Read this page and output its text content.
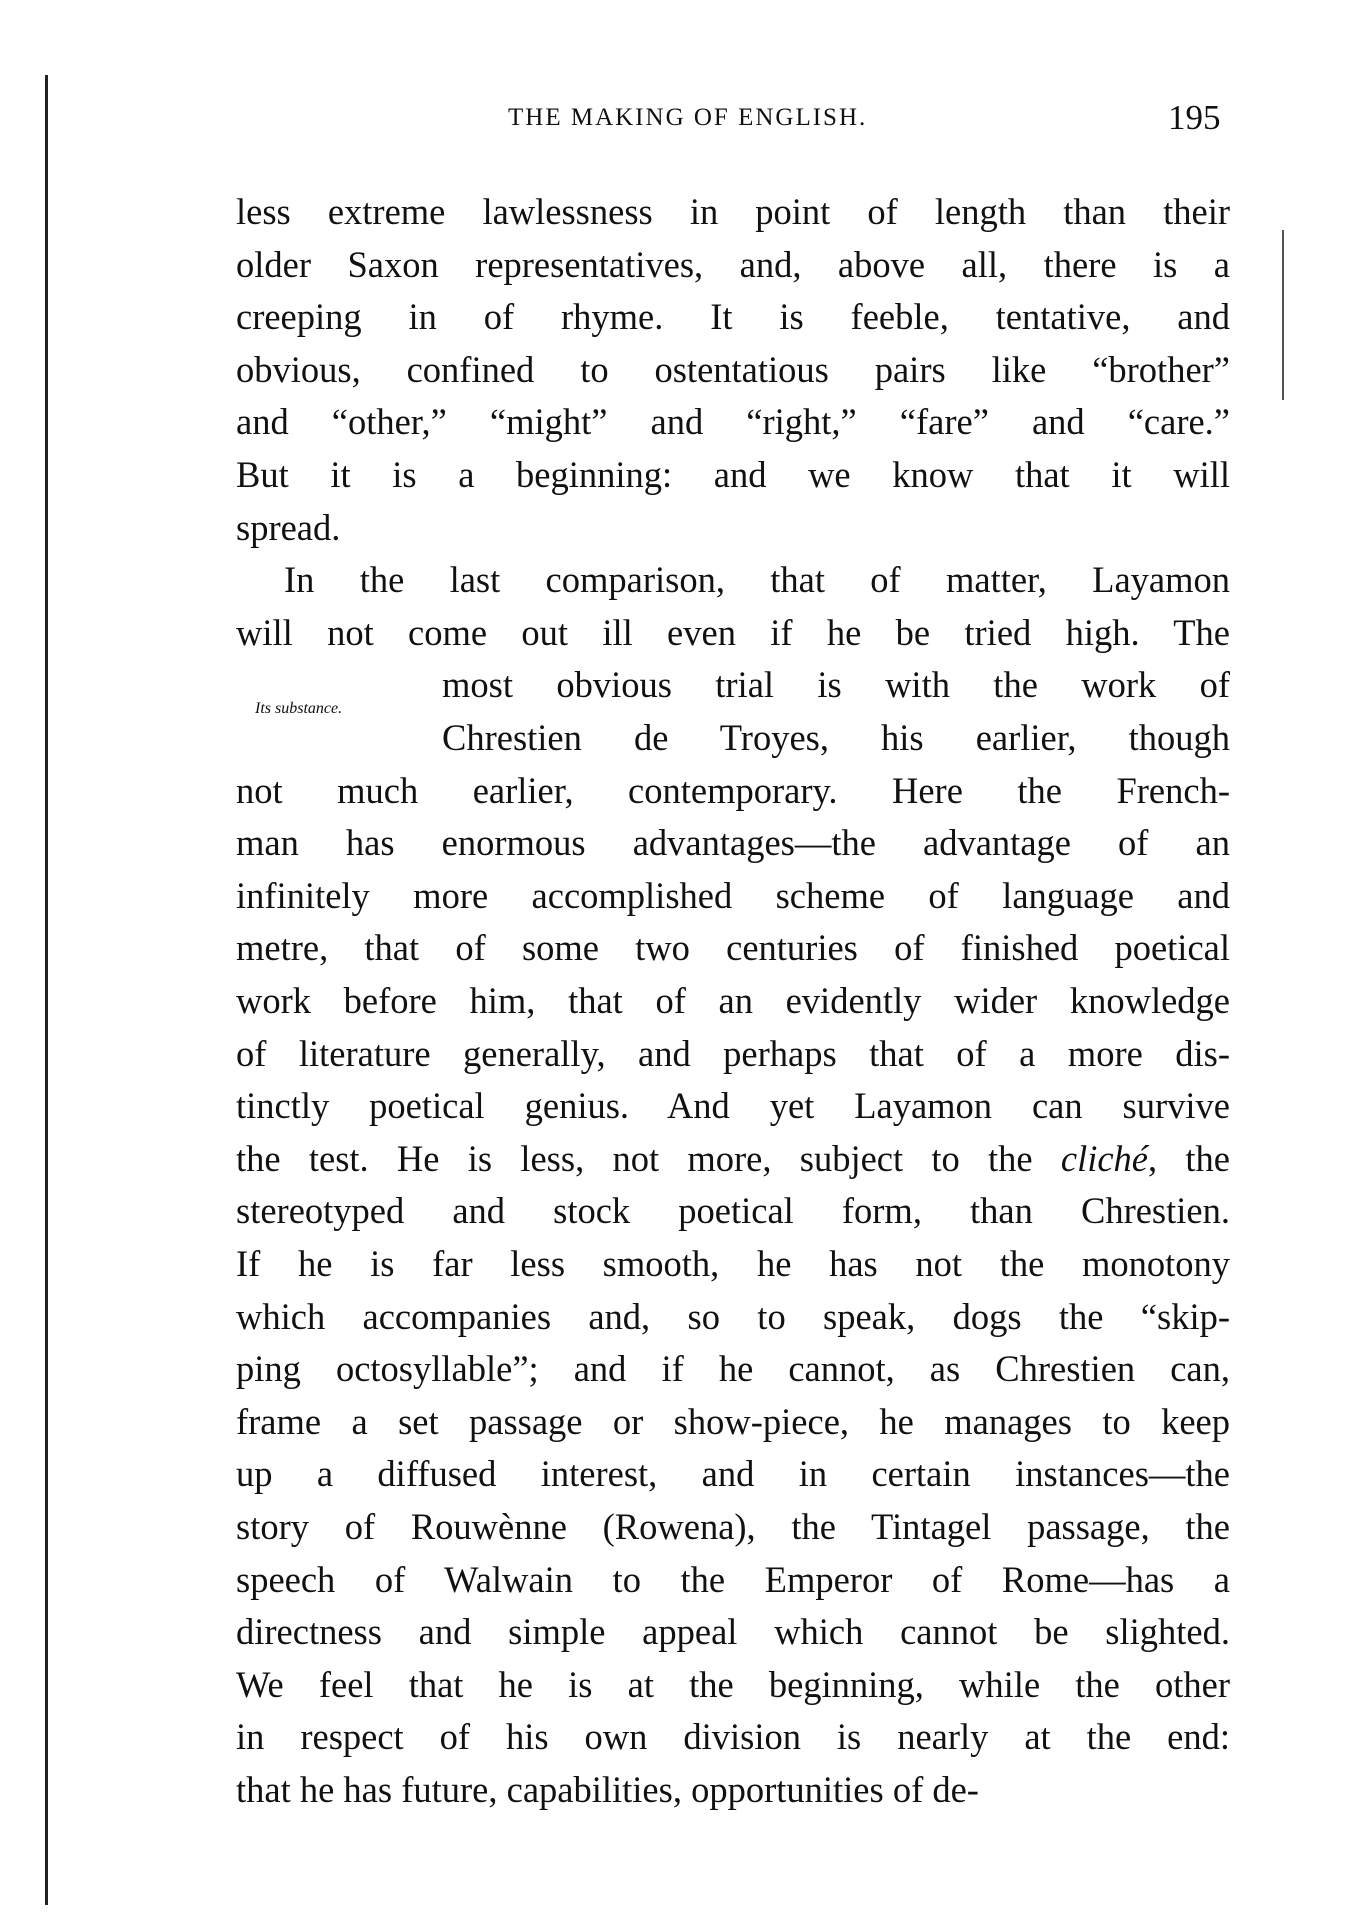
THE MAKING OF ENGLISH.	195
Its substance.
less extreme lawlessness in point of length than their
older Saxon representatives, and, above all, there is a
creeping in of rhyme. It is feeble, tentative, and
obvious, confined to ostentatious pairs like “brother”
and “other,” “might” and “right,” “fare” and “care.”
But it is a beginning: and we know that it will
spread.
In the last comparison, that of matter, Layamon
will not come out ill even if he be tried high. The
most obvious trial is with the work of
Chrestien de Troyes, his earlier, though
not much earlier, contemporary. Here the French-
man has enormous advantages—the advantage of an
infinitely more accomplished scheme of language and
metre, that of some two centuries of finished poetical
work before him, that of an evidently wider knowledge
of literature generally, and perhaps that of a more dis-
tinctly poetical genius. And yet Layamon can survive
the test. He is less, not more, subject to the cliché, the
stereotyped and stock poetical form, than Chrestien.
If he is far less smooth, he has not the monotony
which accompanies and, so to speak, dogs the “skip-
ping octosyllable”; and if he cannot, as Chrestien can,
frame a set passage or show-piece, he manages to keep
up a diffused interest, and in certain instances—the
story of Rouwènne (Rowena), the Tintagel passage, the
speech of Walwain to the Emperor of Rome—has a
directness and simple appeal which cannot be slighted.
We feel that he is at the beginning, while the other
in respect of his own division is nearly at the end:
that he has future, capabilities, opportunities of de-
